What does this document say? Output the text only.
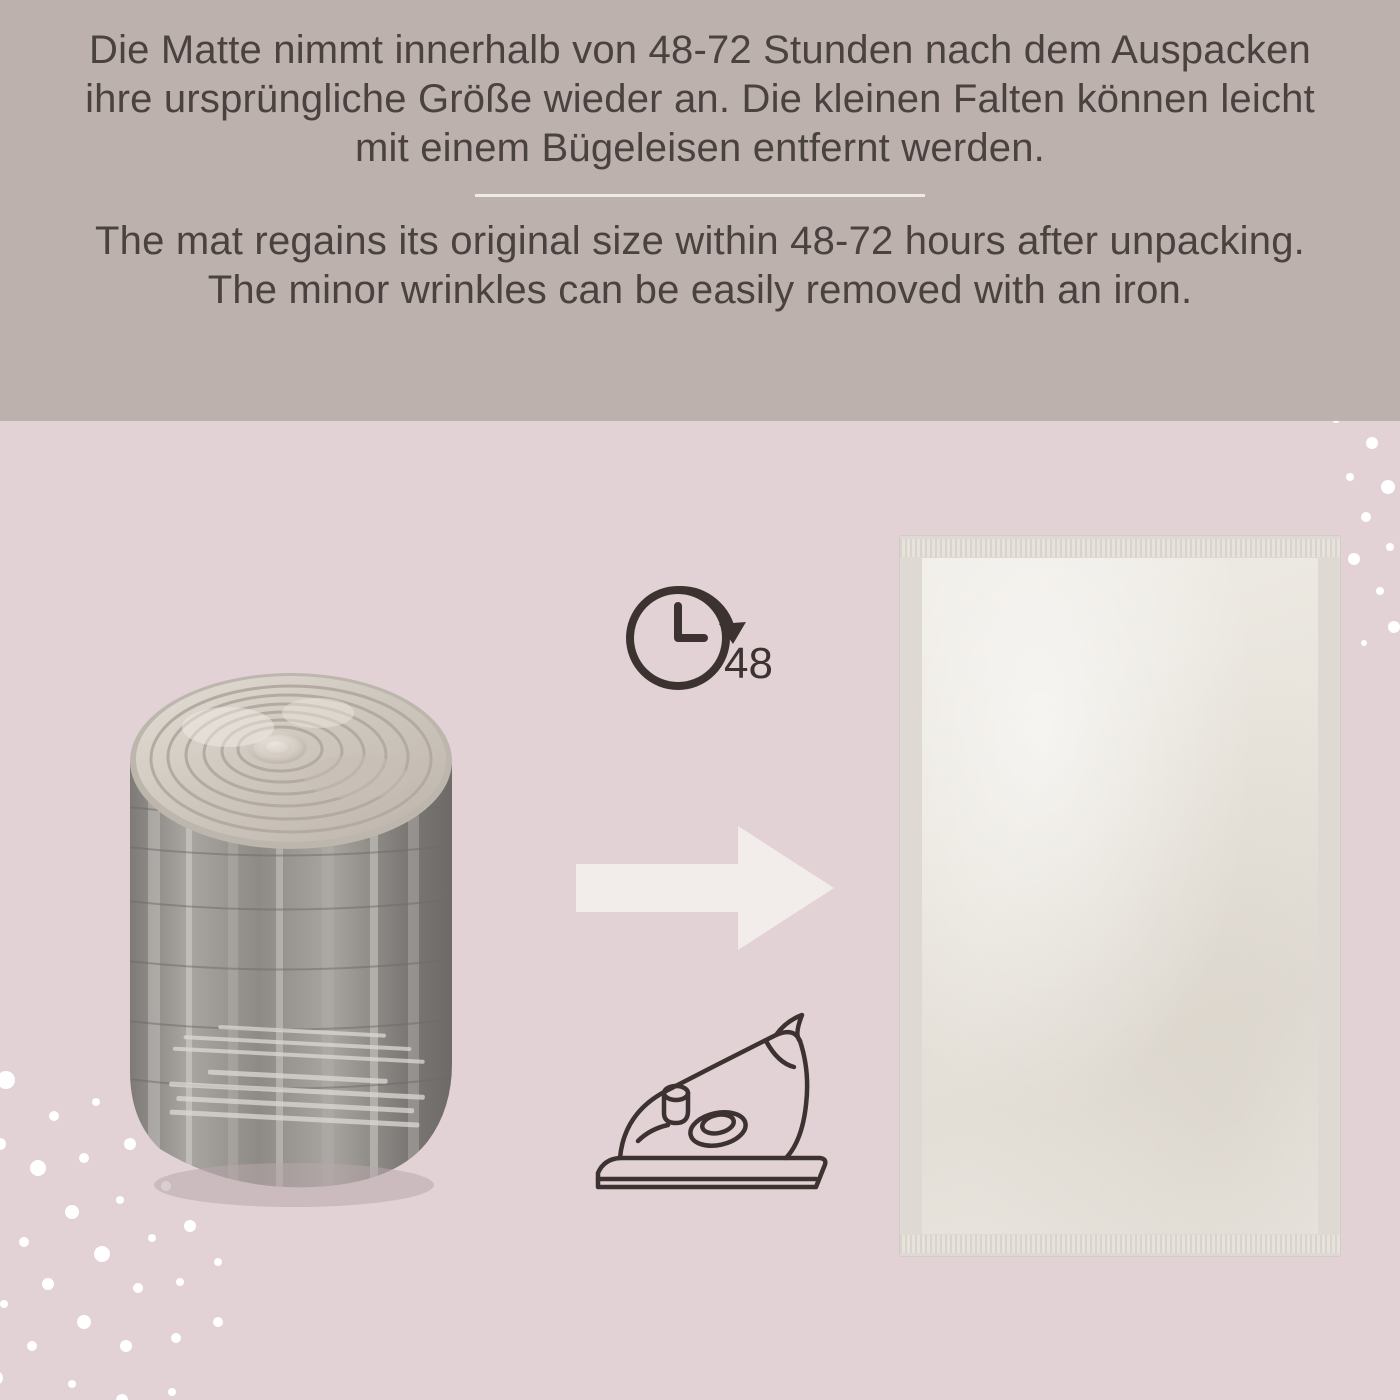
Die Matte nimmt innerhalb von 48-72 Stunden nach dem Auspacken ihre ursprüngliche Größe wieder an. Die kleinen Falten können leicht mit einem Bügeleisen entfernt werden.

The mat regains its original size within 48-72 hours after unpacking. The minor wrinkles can be easily removed with an iron.

48
